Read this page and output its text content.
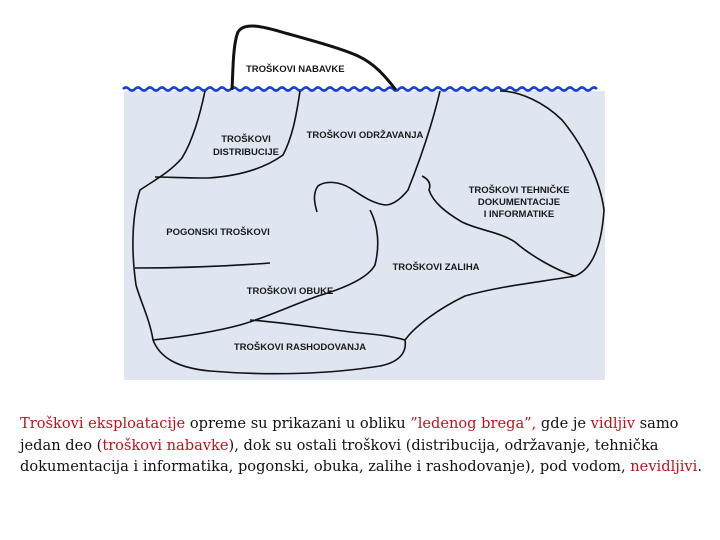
TROŠKOVI NABAVKE
TROŠKOVI
DISTRIBUCIJE
TROŠKOVI ODRŽAVANJA
TROŠKOVI TEHNIČKE
DOKUMENTACIJE
I INFORMATIKE
POGONSKI TROŠKOVI
TROŠKOVI ZALIHA
TROŠKOVI OBUKE
TROŠKOVI RASHODOVANJA

Troškovi eksploatacije opreme su prikazani u obliku ”ledenog brega”, gde je vidljiv samo jedan deo (troškovi nabavke), dok su ostali troškovi (distribucija, održavanje, tehnička dokumentacija i informatika, pogonski, obuka, zalihe i rashodovanje), pod vodom, nevidljivi.
